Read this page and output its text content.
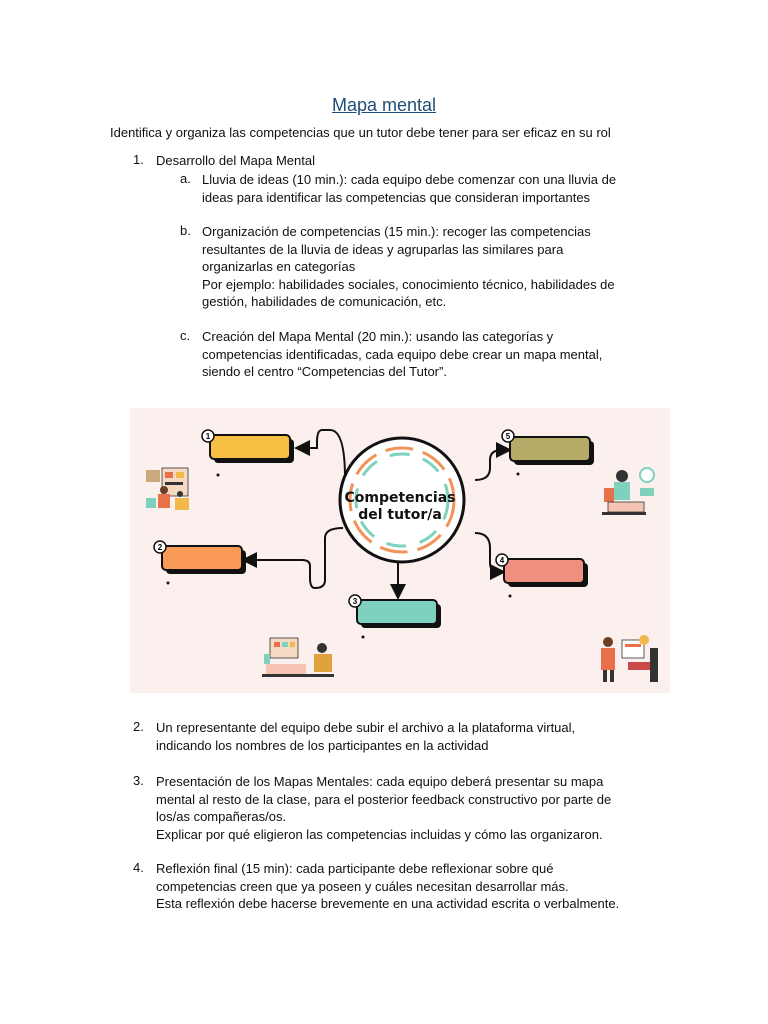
Mapa mental
Identifica y organiza las competencias que un tutor debe tener para ser eficaz en su rol
1. Desarrollo del Mapa Mental
a. Lluvia de ideas (10 min.): cada equipo debe comenzar con una lluvia de
ideas para identificar las competencias que consideran importantes
b. Organización de competencias (15 min.): recoger las competencias
resultantes de la lluvia de ideas y agruparlas las similares para
organizarlas en categorías
Por ejemplo: habilidades sociales, conocimiento técnico, habilidades de
gestión, habilidades de comunicación, etc.
c. Creación del Mapa Mental (20 min.): usando las categorías y
competencias identificadas, cada equipo debe crear un mapa mental,
siendo el centro “Competencias del Tutor”.
1
2
3
4
5
Competencias
del tutor/a
2. Un representante del equipo debe subir el archivo a la plataforma virtual,
indicando los nombres de los participantes en la actividad
3. Presentación de los Mapas Mentales: cada equipo deberá presentar su mapa
mental al resto de la clase, para el posterior feedback constructivo por parte de
los/as compañeras/os.
Explicar por qué eligieron las competencias incluidas y cómo las organizaron.
4. Reflexión final (15 min): cada participante debe reflexionar sobre qué
competencias creen que ya poseen y cuáles necesitan desarrollar más.
Esta reflexión debe hacerse brevemente en una actividad escrita o verbalmente.
